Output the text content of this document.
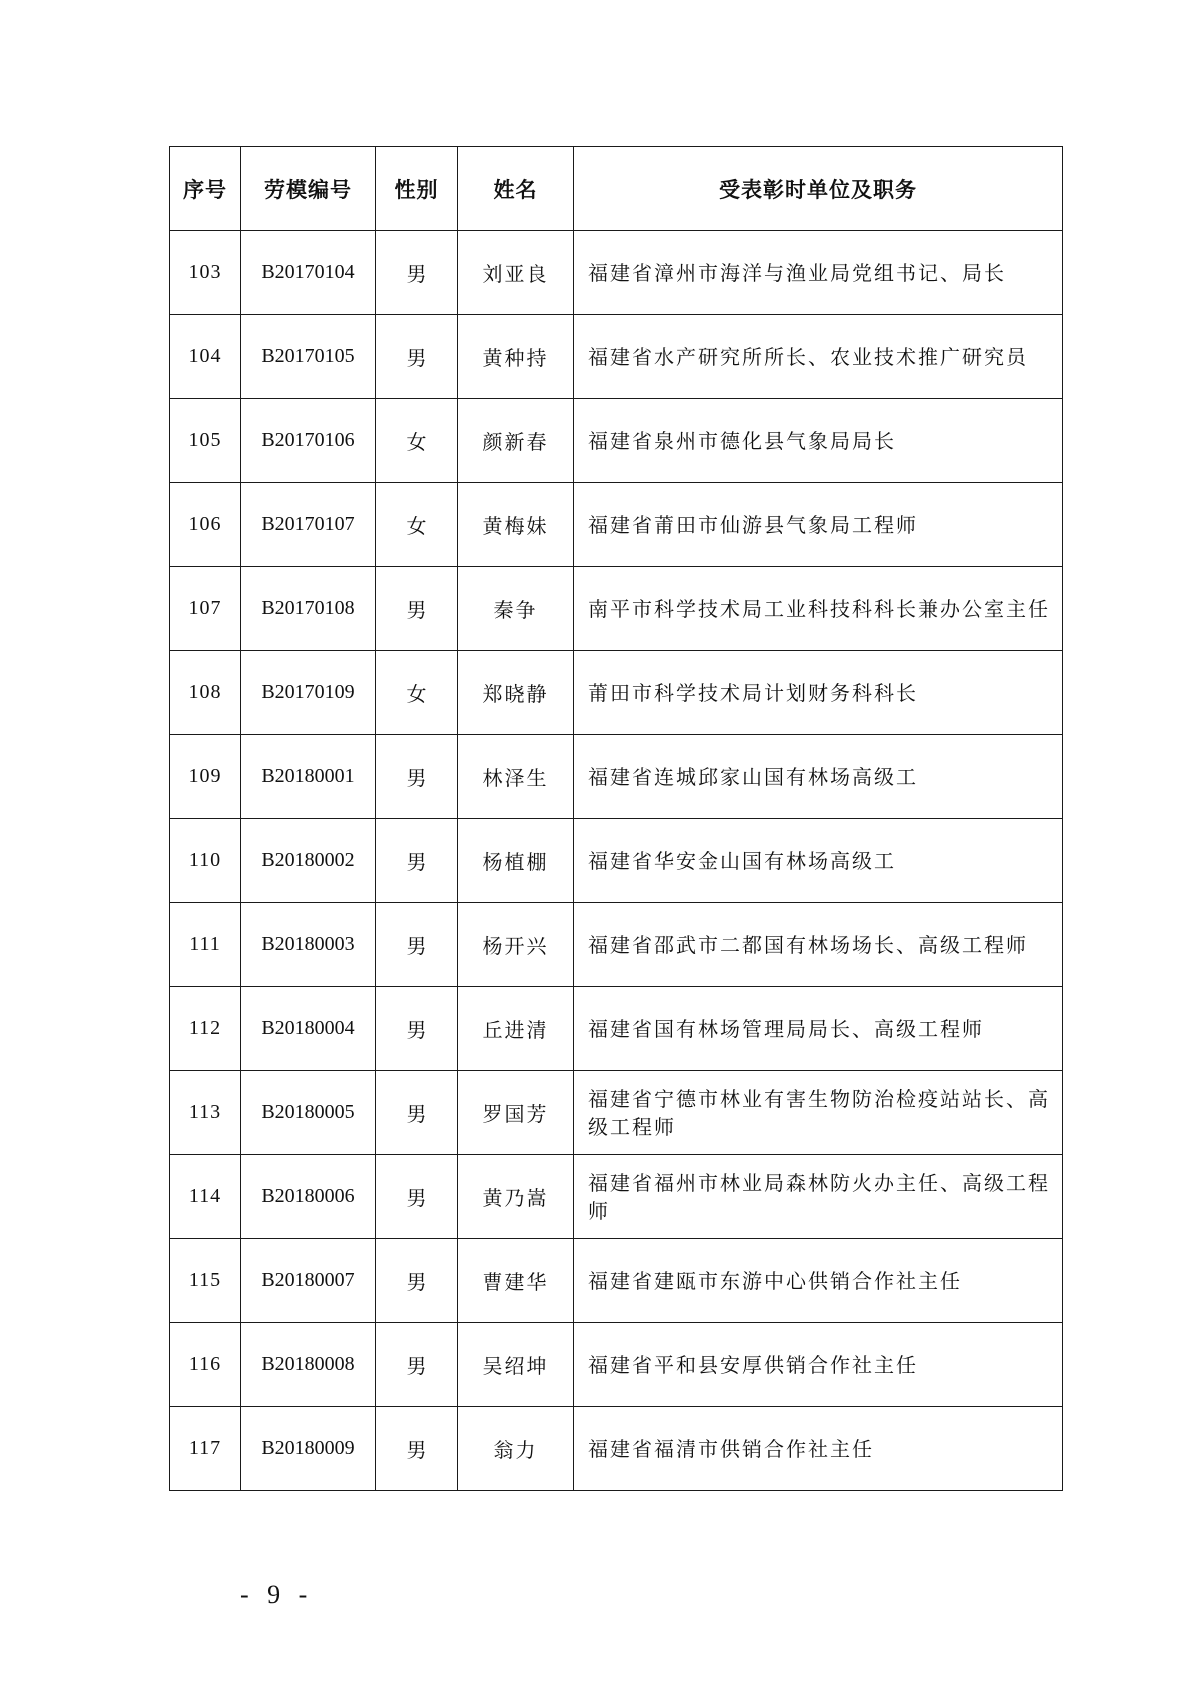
序号	劳模编号	性别	姓名	受表彰时单位及职务
103	B20170104	男	刘亚良	福建省漳州市海洋与渔业局党组书记、局长
104	B20170105	男	黄种持	福建省水产研究所所长、农业技术推广研究员
105	B20170106	女	颜新春	福建省泉州市德化县气象局局长
106	B20170107	女	黄梅妹	福建省莆田市仙游县气象局工程师
107	B20170108	男	秦争	南平市科学技术局工业科技科科长兼办公室主任
108	B20170109	女	郑晓静	莆田市科学技术局计划财务科科长
109	B20180001	男	林泽生	福建省连城邱家山国有林场高级工
110	B20180002	男	杨植棚	福建省华安金山国有林场高级工
111	B20180003	男	杨开兴	福建省邵武市二都国有林场场长、高级工程师
112	B20180004	男	丘进清	福建省国有林场管理局局长、高级工程师
113	B20180005	男	罗国芳	福建省宁德市林业有害生物防治检疫站站长、高级工程师
114	B20180006	男	黄乃嵩	福建省福州市林业局森林防火办主任、高级工程师
115	B20180007	男	曹建华	福建省建瓯市东游中心供销合作社主任
116	B20180008	男	吴绍坤	福建省平和县安厚供销合作社主任
117	B20180009	男	翁力	福建省福清市供销合作社主任
- 9 -
